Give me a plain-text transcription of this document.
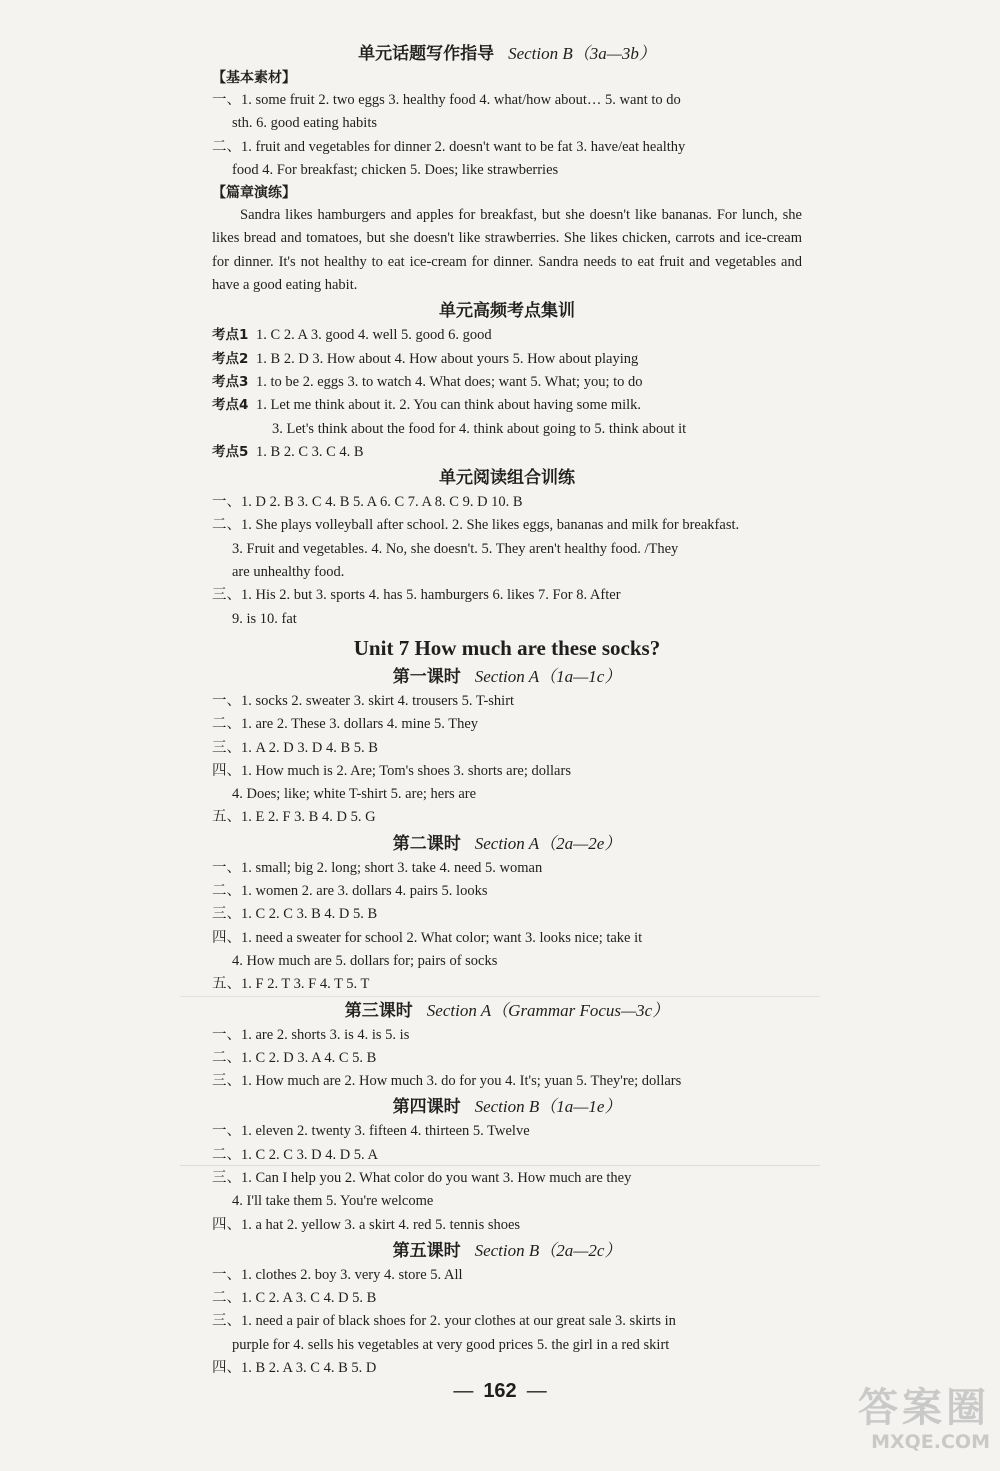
单元话题写作指导 Section B（3a—3b）
【基本素材】
一、1. some fruit 2. two eggs 3. healthy food 4. what/how about… 5. want to do
sth. 6. good eating habits
二、1. fruit and vegetables for dinner 2. doesn't want to be fat 3. have/eat healthy
food 4. For breakfast; chicken 5. Does; like strawberries
【篇章演练】

Sandra likes hamburgers and apples for breakfast, but she doesn't like bananas. For lunch, she likes bread and tomatoes, but she doesn't like strawberries. She likes chicken, carrots and ice-cream for dinner. It's not healthy to eat ice-cream for dinner. Sandra needs to eat fruit and vegetables and have a good eating habit.

单元高频考点集训
考点1 1. C 2. A 3. good 4. well 5. good 6. good
考点2 1. B 2. D 3. How about 4. How about yours 5. How about playing
考点3 1. to be 2. eggs 3. to watch 4. What does; want 5. What; you; to do
考点4 1. Let me think about it. 2. You can think about having some milk.
3. Let's think about the food for 4. think about going to 5. think about it
考点5 1. B 2. C 3. C 4. B
单元阅读组合训练
一、1. D 2. B 3. C 4. B 5. A 6. C 7. A 8. C 9. D 10. B
二、1. She plays volleyball after school. 2. She likes eggs, bananas and milk for breakfast.
3. Fruit and vegetables. 4. No, she doesn't. 5. They aren't healthy food. /They
are unhealthy food.
三、1. His 2. but 3. sports 4. has 5. hamburgers 6. likes 7. For 8. After
9. is 10. fat
Unit 7 How much are these socks?
第一课时 Section A（1a—1c）
一、1. socks 2. sweater 3. skirt 4. trousers 5. T-shirt
二、1. are 2. These 3. dollars 4. mine 5. They
三、1. A 2. D 3. D 4. B 5. B
四、1. How much is 2. Are; Tom's shoes 3. shorts are; dollars
4. Does; like; white T-shirt 5. are; hers are
五、1. E 2. F 3. B 4. D 5. G
第二课时 Section A（2a—2e）
一、1. small; big 2. long; short 3. take 4. need 5. woman
二、1. women 2. are 3. dollars 4. pairs 5. looks
三、1. C 2. C 3. B 4. D 5. B
四、1. need a sweater for school 2. What color; want 3. looks nice; take it
4. How much are 5. dollars for; pairs of socks
五、1. F 2. T 3. F 4. T 5. T
第三课时 Section A（Grammar Focus—3c）
一、1. are 2. shorts 3. is 4. is 5. is
二、1. C 2. D 3. A 4. C 5. B
三、1. How much are 2. How much 3. do for you 4. It's; yuan 5. They're; dollars
第四课时 Section B（1a—1e）
一、1. eleven 2. twenty 3. fifteen 4. thirteen 5. Twelve
二、1. C 2. C 3. D 4. D 5. A
三、1. Can I help you 2. What color do you want 3. How much are they
4. I'll take them 5. You're welcome
四、1. a hat 2. yellow 3. a skirt 4. red 5. tennis shoes
第五课时 Section B（2a—2c）
一、1. clothes 2. boy 3. very 4. store 5. All
二、1. C 2. A 3. C 4. D 5. B
三、1. need a pair of black shoes for 2. your clothes at our great sale 3. skirts in
purple for 4. sells his vegetables at very good prices 5. the girl in a red skirt
四、1. B 2. A 3. C 4. B 5. D
— 162 —	答案圈
MXQE.COM
